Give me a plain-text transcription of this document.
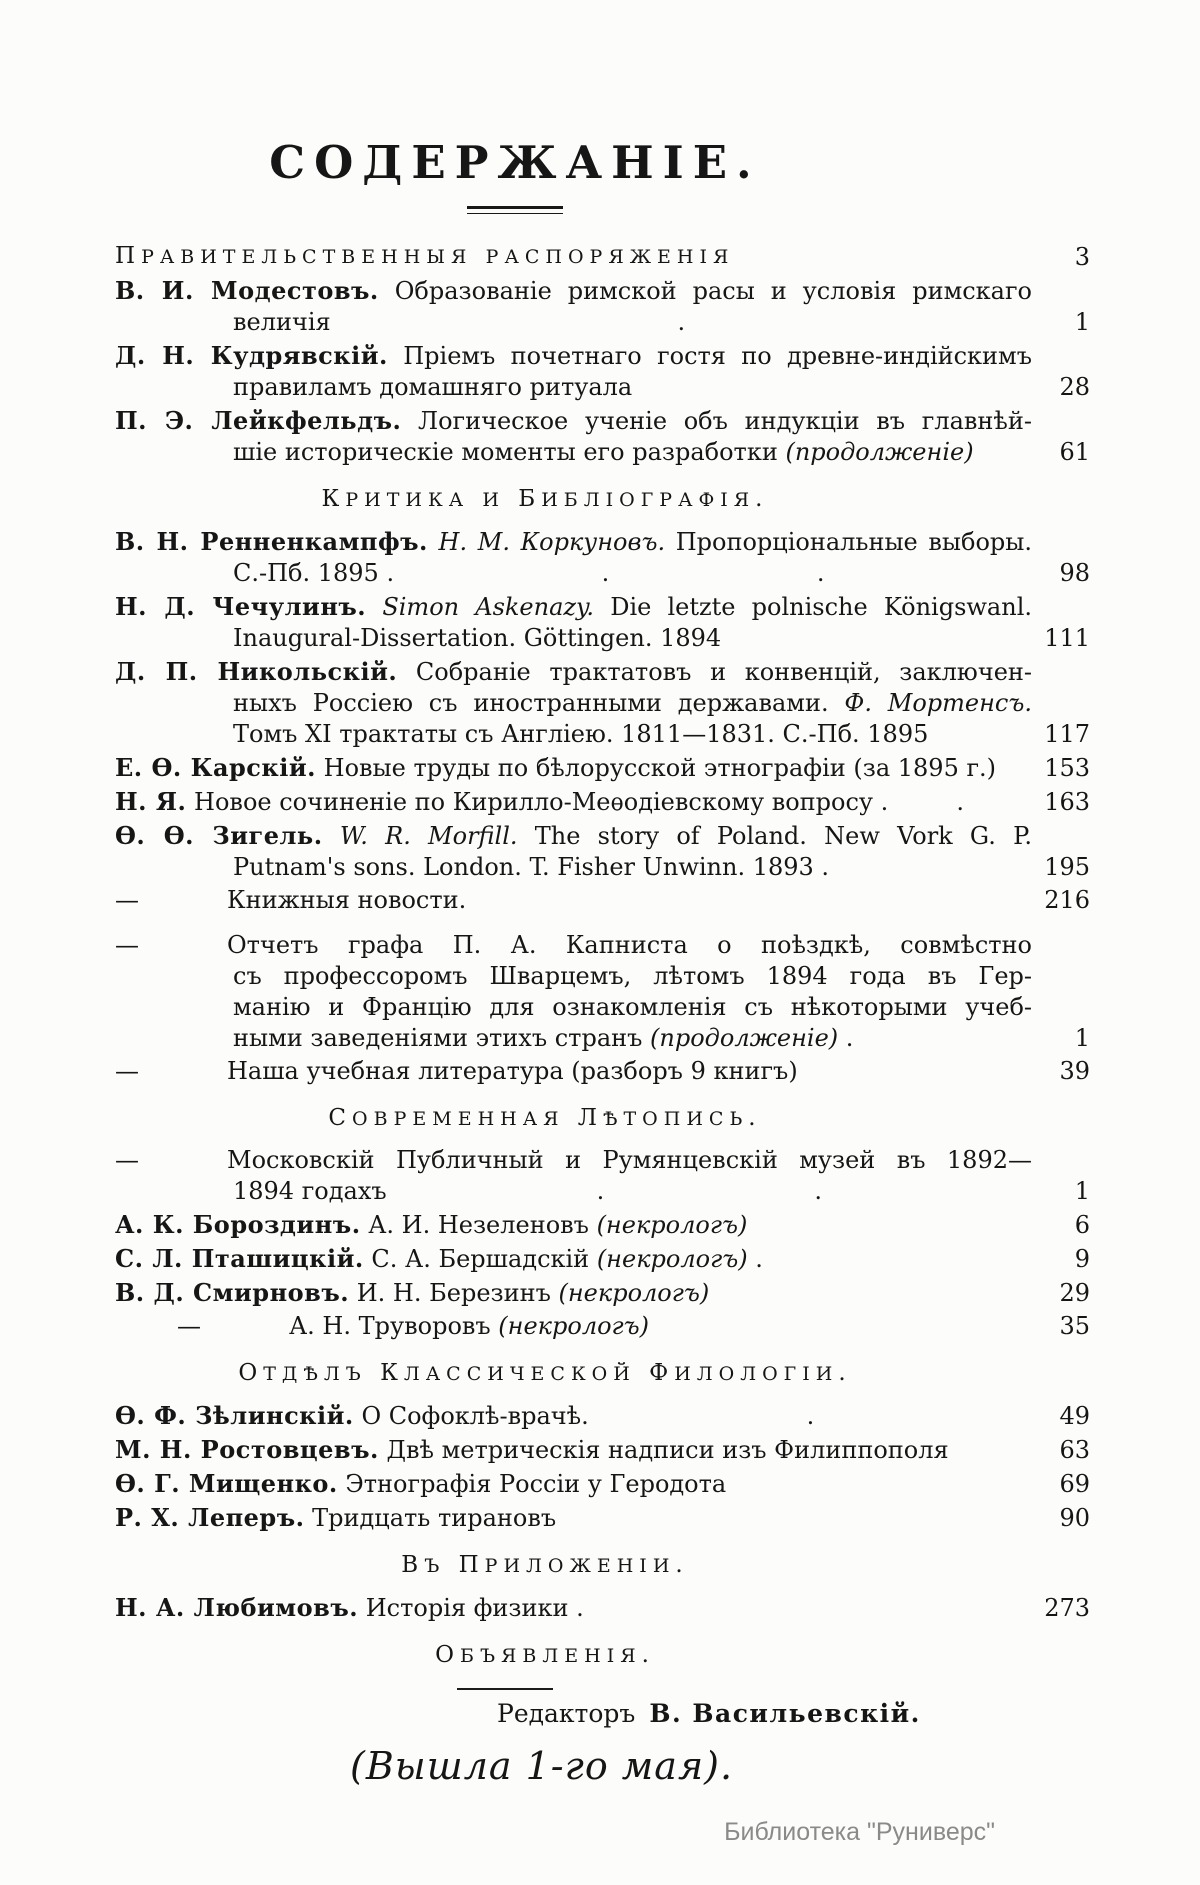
СОДЕРЖАНІЕ.
ПРАВИТЕЛЬСТВЕННЫЯ РАСПОРЯЖЕНІЯ	3
В. И. Модестовъ. Образованіе римской расы и условія римскаго
величія	.	1
Д. Н. Кудрявскій. Пріемъ почетнаго гостя по древне-индійскимъ
правиламъ домашняго ритуала	28
П. Э. Лейкфельдъ. Логическое ученіе объ индукціи въ главнѣй-
шіе историческіе моменты его разработки (продолженіе)	61
КРИТИКА И БИБЛІОГРАФІЯ.
В. Н. Ренненкампфъ. Н. М. Коркуновъ. Пропорціональные выборы.
С.-Пб. 1895 .	.	.	98
Н. Д. Чечулинъ. Simon Askenazy. Die letzte polnische Königswanl.
Inaugural-Dissertation. Göttingen. 1894	111
Д. П. Никольскій. Собраніе трактатовъ и конвенцій, заключен-
ныхъ Россіею съ иностранными державами. Ф. Мортенсъ.
Томъ XI трактаты съ Англіею. 1811—1831. С.-Пб. 1895	117
Е. Ѳ. Карскій. Новые труды по бѣлорусской этнографіи (за 1895 г.)	153
Н. Я. Новое сочиненіе по Кирилло-Меѳодіевскому вопросу .	.	163
Ѳ. Ѳ. Зигель. W. R. Morfill. The story of Poland. New Vork G. P.
Putnam's sons. London. T. Fisher Unwinn. 1893 .	195
—	Книжныя новости.	216
—	Отчетъ графа П. А. Капниста о поѣздкѣ, совмѣстно
съ профессоромъ Шварцемъ, лѣтомъ 1894 года въ Гер-
манію и Францію для ознакомленія съ нѣкоторыми учеб-
ными заведеніями этихъ странъ (продолженіе) .	1
—	Наша учебная литература (разборъ 9 книгъ)	39
СОВРЕМЕННАЯ ЛѢТОПИСЬ.
—	Московскій Публичный и Румянцевскій музей въ 1892—
1894 годахъ	.	.	1
А. К. Бороздинъ. А. И. Незеленовъ (некрологъ)	6
С. Л. Пташицкій. С. А. Бершадскій (некрологъ) .	9
В. Д. Смирновъ. И. Н. Березинъ (некрологъ)	29
—	А. Н. Труворовъ (некрологъ)	35
ОТДѢЛЪ КЛАССИЧЕСКОЙ ФИЛОЛОГІИ.
Ѳ. Ф. Зѣлинскій. О Софоклѣ-врачѣ.	.	49
М. Н. Ростовцевъ. Двѣ метрическія надписи изъ Филиппополя	63
Ѳ. Г. Мищенко. Этнографія Россіи у Геродота	69
Р. Х. Леперъ. Тридцать тирановъ	90
ВЪ ПРИЛОЖЕНІИ.
Н. А. Любимовъ. Исторія физики .	273
ОБЪЯВЛЕНІЯ.
Редакторъ В. Васильевскій.
(Вышла 1-го мая).
Библиотека "Руниверс"
